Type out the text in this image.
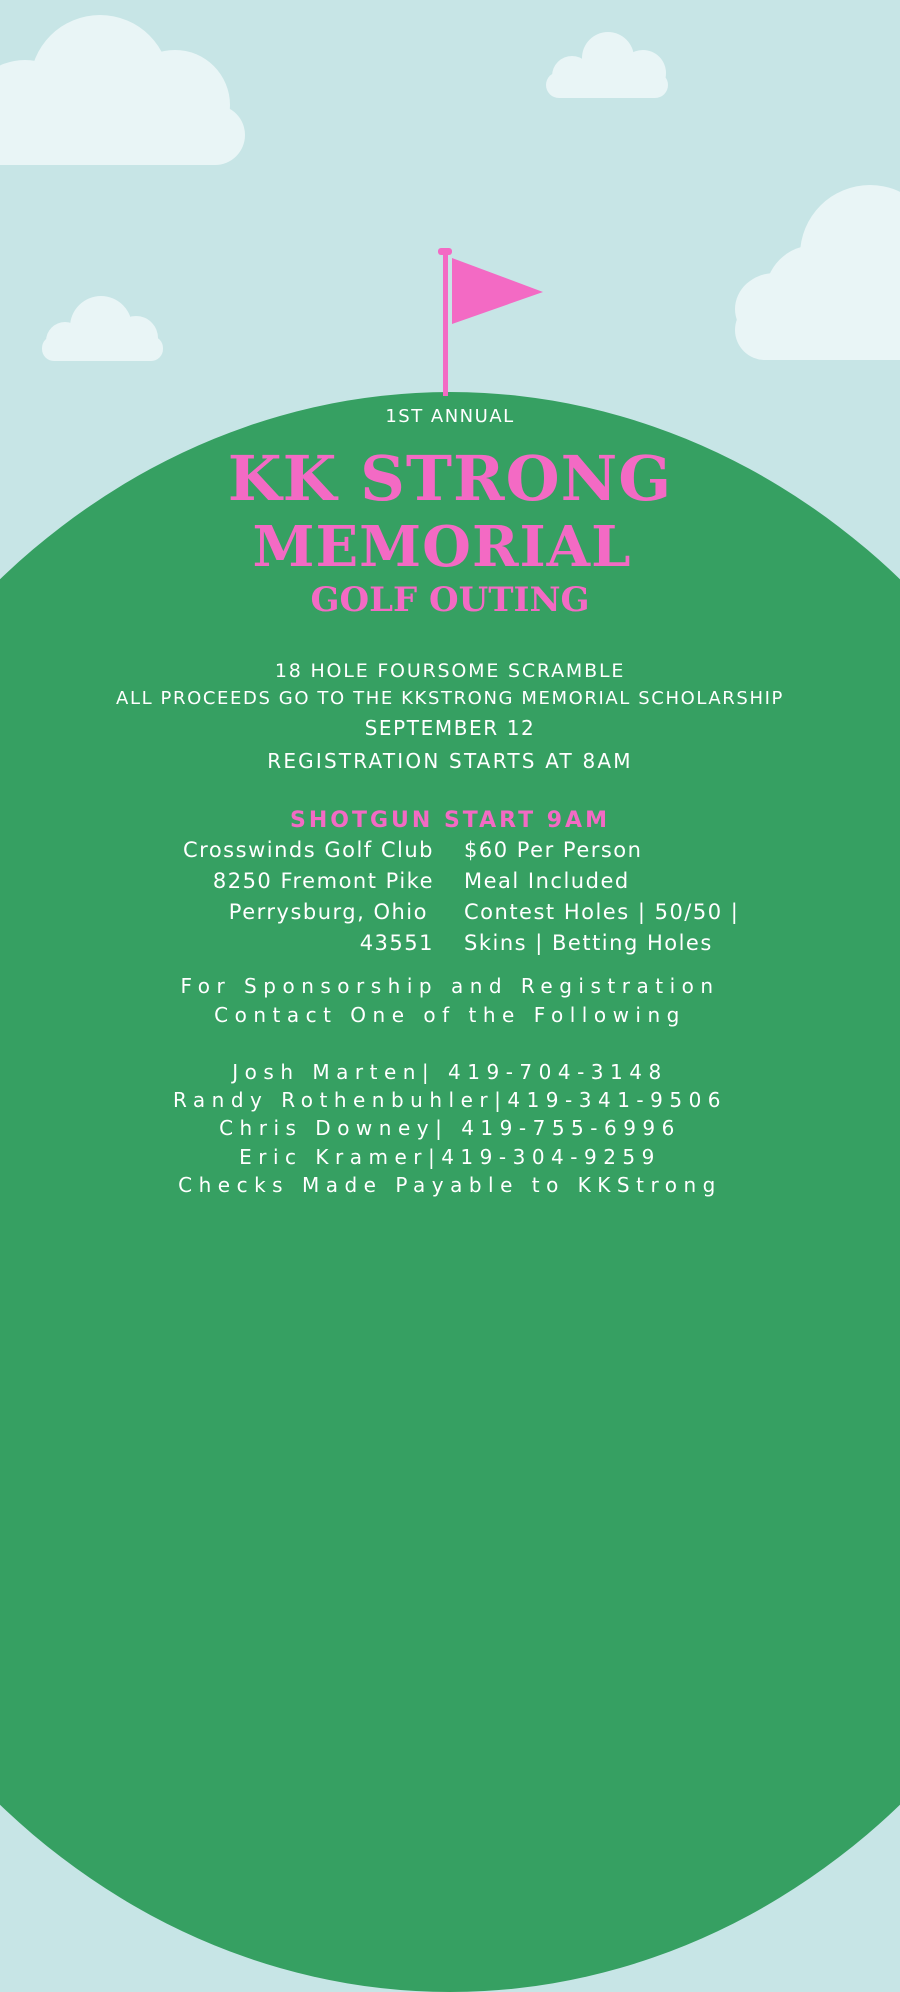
1ST ANNUAL
KK STRONG
MEMORIAL
GOLF OUTING
18 HOLE FOURSOME SCRAMBLE
ALL PROCEEDS GO TO THE KKSTRONG MEMORIAL SCHOLARSHIP
SEPTEMBER 12
REGISTRATION STARTS AT 8AM
SHOTGUN START 9AM
Crosswinds Golf Club
8250 Fremont Pike
Perrysburg, Ohio
43551
$60 Per Person
Meal Included
Contest Holes | 50/50 |
Skins | Betting Holes
For Sponsorship and Registration
Contact One of the Following
Josh Marten| 419-704-3148
Randy Rothenbuhler|419-341-9506
Chris Downey| 419-755-6996
Eric Kramer|419-304-9259
Checks Made Payable to KKStrong
